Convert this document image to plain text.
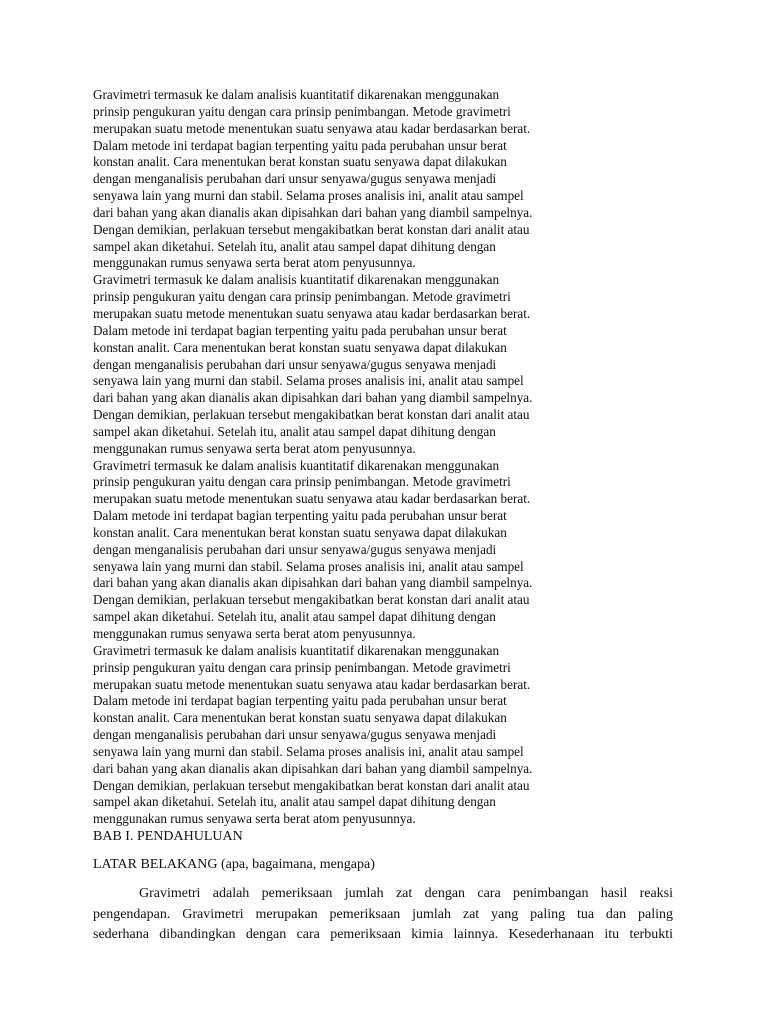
Gravimetri termasuk ke dalam analisis kuantitatif dikarenakan menggunakan
prinsip pengukuran yaitu dengan cara prinsip penimbangan. Metode gravimetri
merupakan suatu metode menentukan suatu senyawa atau kadar berdasarkan berat.
Dalam metode ini terdapat bagian terpenting yaitu pada perubahan unsur berat
konstan analit. Cara menentukan berat konstan suatu senyawa dapat dilakukan
dengan menganalisis perubahan dari unsur senyawa/gugus senyawa menjadi
senyawa lain yang murni dan stabil. Selama proses analisis ini, analit atau sampel
dari bahan yang akan dianalis akan dipisahkan dari bahan yang diambil sampelnya.
Dengan demikian, perlakuan tersebut mengakibatkan berat konstan dari analit atau
sampel akan diketahui. Setelah itu, analit atau sampel dapat dihitung dengan
menggunakan rumus senyawa serta berat atom penyusunnya.
Gravimetri termasuk ke dalam analisis kuantitatif dikarenakan menggunakan
prinsip pengukuran yaitu dengan cara prinsip penimbangan. Metode gravimetri
merupakan suatu metode menentukan suatu senyawa atau kadar berdasarkan berat.
Dalam metode ini terdapat bagian terpenting yaitu pada perubahan unsur berat
konstan analit. Cara menentukan berat konstan suatu senyawa dapat dilakukan
dengan menganalisis perubahan dari unsur senyawa/gugus senyawa menjadi
senyawa lain yang murni dan stabil. Selama proses analisis ini, analit atau sampel
dari bahan yang akan dianalis akan dipisahkan dari bahan yang diambil sampelnya.
Dengan demikian, perlakuan tersebut mengakibatkan berat konstan dari analit atau
sampel akan diketahui. Setelah itu, analit atau sampel dapat dihitung dengan
menggunakan rumus senyawa serta berat atom penyusunnya.
Gravimetri termasuk ke dalam analisis kuantitatif dikarenakan menggunakan
prinsip pengukuran yaitu dengan cara prinsip penimbangan. Metode gravimetri
merupakan suatu metode menentukan suatu senyawa atau kadar berdasarkan berat.
Dalam metode ini terdapat bagian terpenting yaitu pada perubahan unsur berat
konstan analit. Cara menentukan berat konstan suatu senyawa dapat dilakukan
dengan menganalisis perubahan dari unsur senyawa/gugus senyawa menjadi
senyawa lain yang murni dan stabil. Selama proses analisis ini, analit atau sampel
dari bahan yang akan dianalis akan dipisahkan dari bahan yang diambil sampelnya.
Dengan demikian, perlakuan tersebut mengakibatkan berat konstan dari analit atau
sampel akan diketahui. Setelah itu, analit atau sampel dapat dihitung dengan
menggunakan rumus senyawa serta berat atom penyusunnya.
Gravimetri termasuk ke dalam analisis kuantitatif dikarenakan menggunakan
prinsip pengukuran yaitu dengan cara prinsip penimbangan. Metode gravimetri
merupakan suatu metode menentukan suatu senyawa atau kadar berdasarkan berat.
Dalam metode ini terdapat bagian terpenting yaitu pada perubahan unsur berat
konstan analit. Cara menentukan berat konstan suatu senyawa dapat dilakukan
dengan menganalisis perubahan dari unsur senyawa/gugus senyawa menjadi
senyawa lain yang murni dan stabil. Selama proses analisis ini, analit atau sampel
dari bahan yang akan dianalis akan dipisahkan dari bahan yang diambil sampelnya.
Dengan demikian, perlakuan tersebut mengakibatkan berat konstan dari analit atau
sampel akan diketahui. Setelah itu, analit atau sampel dapat dihitung dengan
menggunakan rumus senyawa serta berat atom penyusunnya.
BAB I. PENDAHULUAN
LATAR BELAKANG (apa, bagaimana, mengapa)
Gravimetri adalah pemeriksaan jumlah zat dengan cara penimbangan hasil reaksi
pengendapan. Gravimetri merupakan pemeriksaan jumlah zat yang paling tua dan paling
sederhana dibandingkan dengan cara pemeriksaan kimia lainnya. Kesederhanaan itu terbukti
